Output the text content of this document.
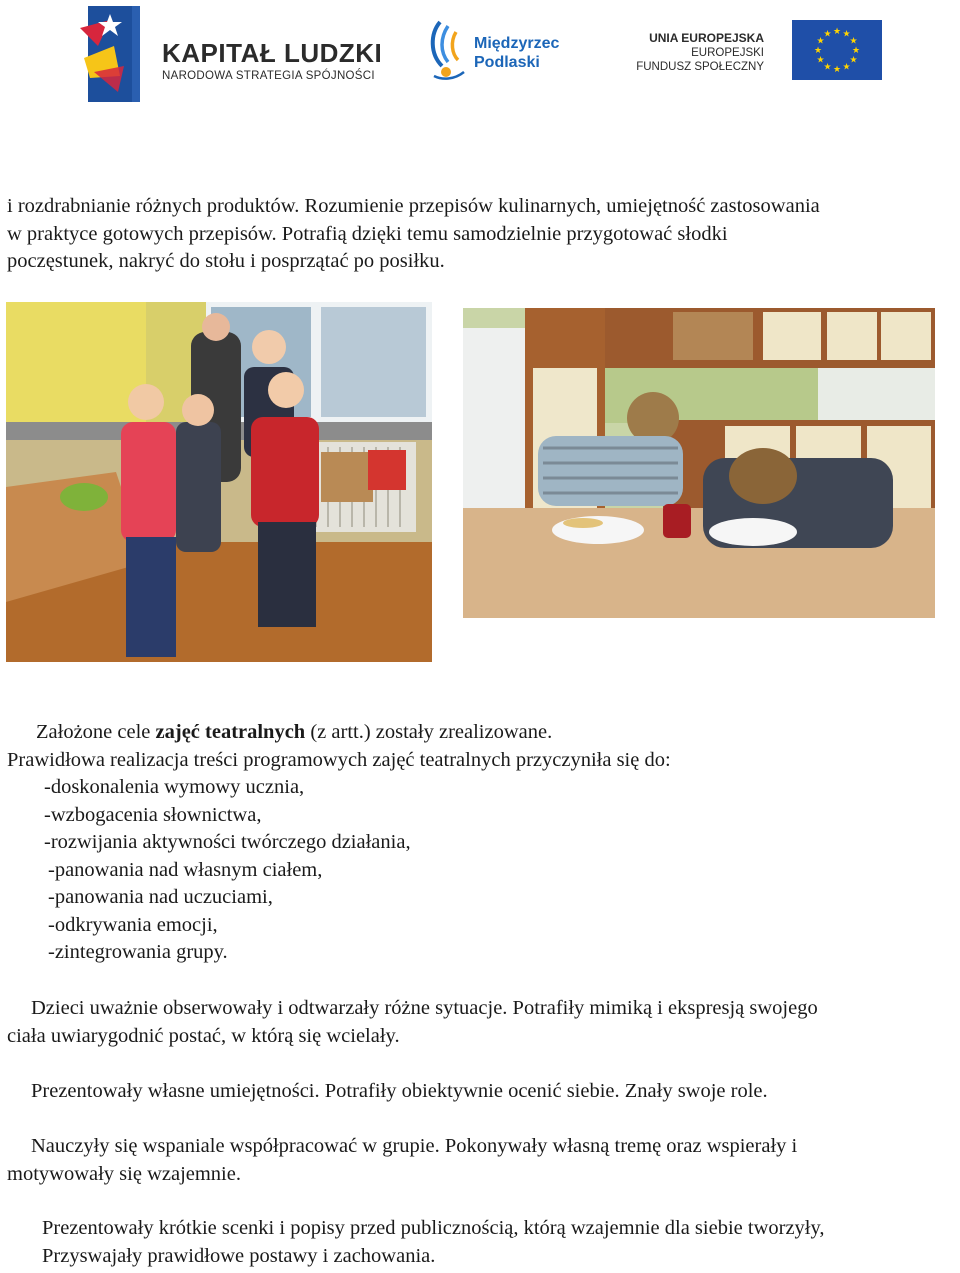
KAPITAŁ LUDZKI
NARODOWA STRATEGIA SPÓJNOŚCI
Międzyrzec
Podlaski
UNIA EUROPEJSKA
EUROPEJSKI
FUNDUSZ SPOŁECZNY
★ ★
★
★
★
★
★
★
★
★
★
★
i rozdrabnianie różnych produktów. Rozumienie przepisów kulinarnych, umiejętność zastosowania
w praktyce gotowych przepisów. Potrafią dzięki temu samodzielnie przygotować słodki
poczęstunek, nakryć do stołu i posprzątać po posiłku.
Założone cele zajęć teatralnych (z artt.) zostały zrealizowane.
Prawidłowa realizacja treści programowych zajęć teatralnych przyczyniła się do:
-doskonalenia wymowy ucznia,
-wzbogacenia słownictwa,
-rozwijania aktywności twórczego działania,
-panowania nad własnym ciałem,
-panowania nad uczuciami,
-odkrywania emocji,
-zintegrowania grupy.
Dzieci uważnie obserwowały i odtwarzały różne sytuacje. Potrafiły mimiką i ekspresją swojego
ciała uwiarygodnić postać, w którą się wcielały.
Prezentowały własne umiejętności. Potrafiły obiektywnie ocenić siebie. Znały swoje role.
Nauczyły się wspaniale współpracować w grupie. Pokonywały własną tremę oraz wspierały i
motywowały się wzajemnie.
Prezentowały krótkie scenki i popisy przed publicznością, którą wzajemnie dla siebie tworzyły,
Przyswajały prawidłowe postawy i zachowania.
